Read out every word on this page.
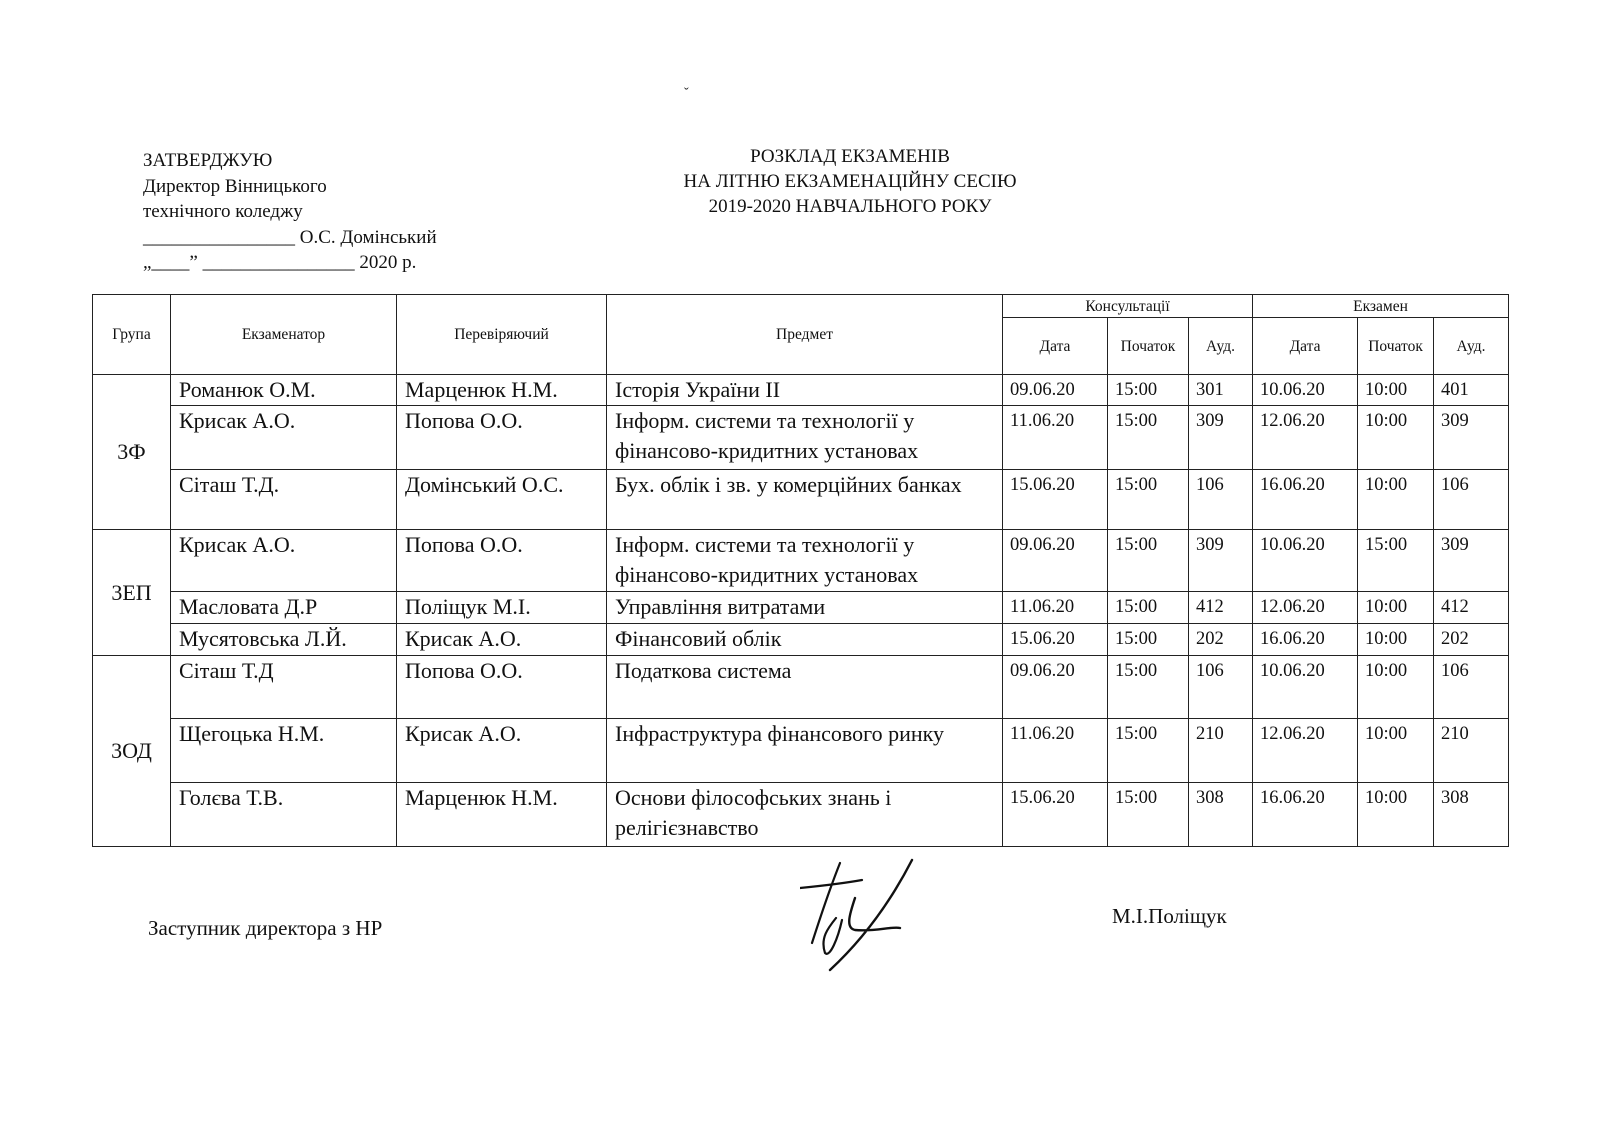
ˇ
ЗАТВЕРДЖУЮ
Директор Вінницького
технічного коледжу
________________ О.С. Домінський
„____” ________________ 2020 р.
РОЗКЛАД ЕКЗАМЕНІВ
НА ЛІТНЮ ЕКЗАМЕНАЦІЙНУ СЕСІЮ
2019-2020 НАВЧАЛЬНОГО РОКУ
Група	Екзаменатор	Перевіряючий	Предмет	Консультації			Екзамен		
				Дата	Початок	Ауд.	Дата	Початок	Ауд.
3Ф	Романюк О.М.	Марценюк Н.М.	Історія України ІІ	09.06.20	15:00	301	10.06.20	10:00	401
	Крисак А.О.	Попова О.О.	Інформ. системи та технології у фінансово-кридитних установах	11.06.20	15:00	309	12.06.20	10:00	309
	Сіташ Т.Д.	Домінський О.С.	Бух. облік і зв. у комерційних банках	15.06.20	15:00	106	16.06.20	10:00	106
3ЕП	Крисак А.О.	Попова О.О.	Інформ. системи та технології у фінансово-кридитних установах	09.06.20	15:00	309	10.06.20	15:00	309
	Масловата Д.Р	Поліщук М.І.	Управління витратами	11.06.20	15:00	412	12.06.20	10:00	412
	Мусятовська Л.Й.	Крисак А.О.	Фінансовий облік	15.06.20	15:00	202	16.06.20	10:00	202
3ОД	Сіташ Т.Д	Попова О.О.	Податкова система	09.06.20	15:00	106	10.06.20	10:00	106
	Щегоцька Н.М.	Крисак А.О.	Інфраструктура фінансового ринку	11.06.20	15:00	210	12.06.20	10:00	210
	Голєва Т.В.	Марценюк Н.М.	Основи філософських знань і релігієзнавство	15.06.20	15:00	308	16.06.20	10:00	308
Заступник директора з НР	М.І.Поліщук
